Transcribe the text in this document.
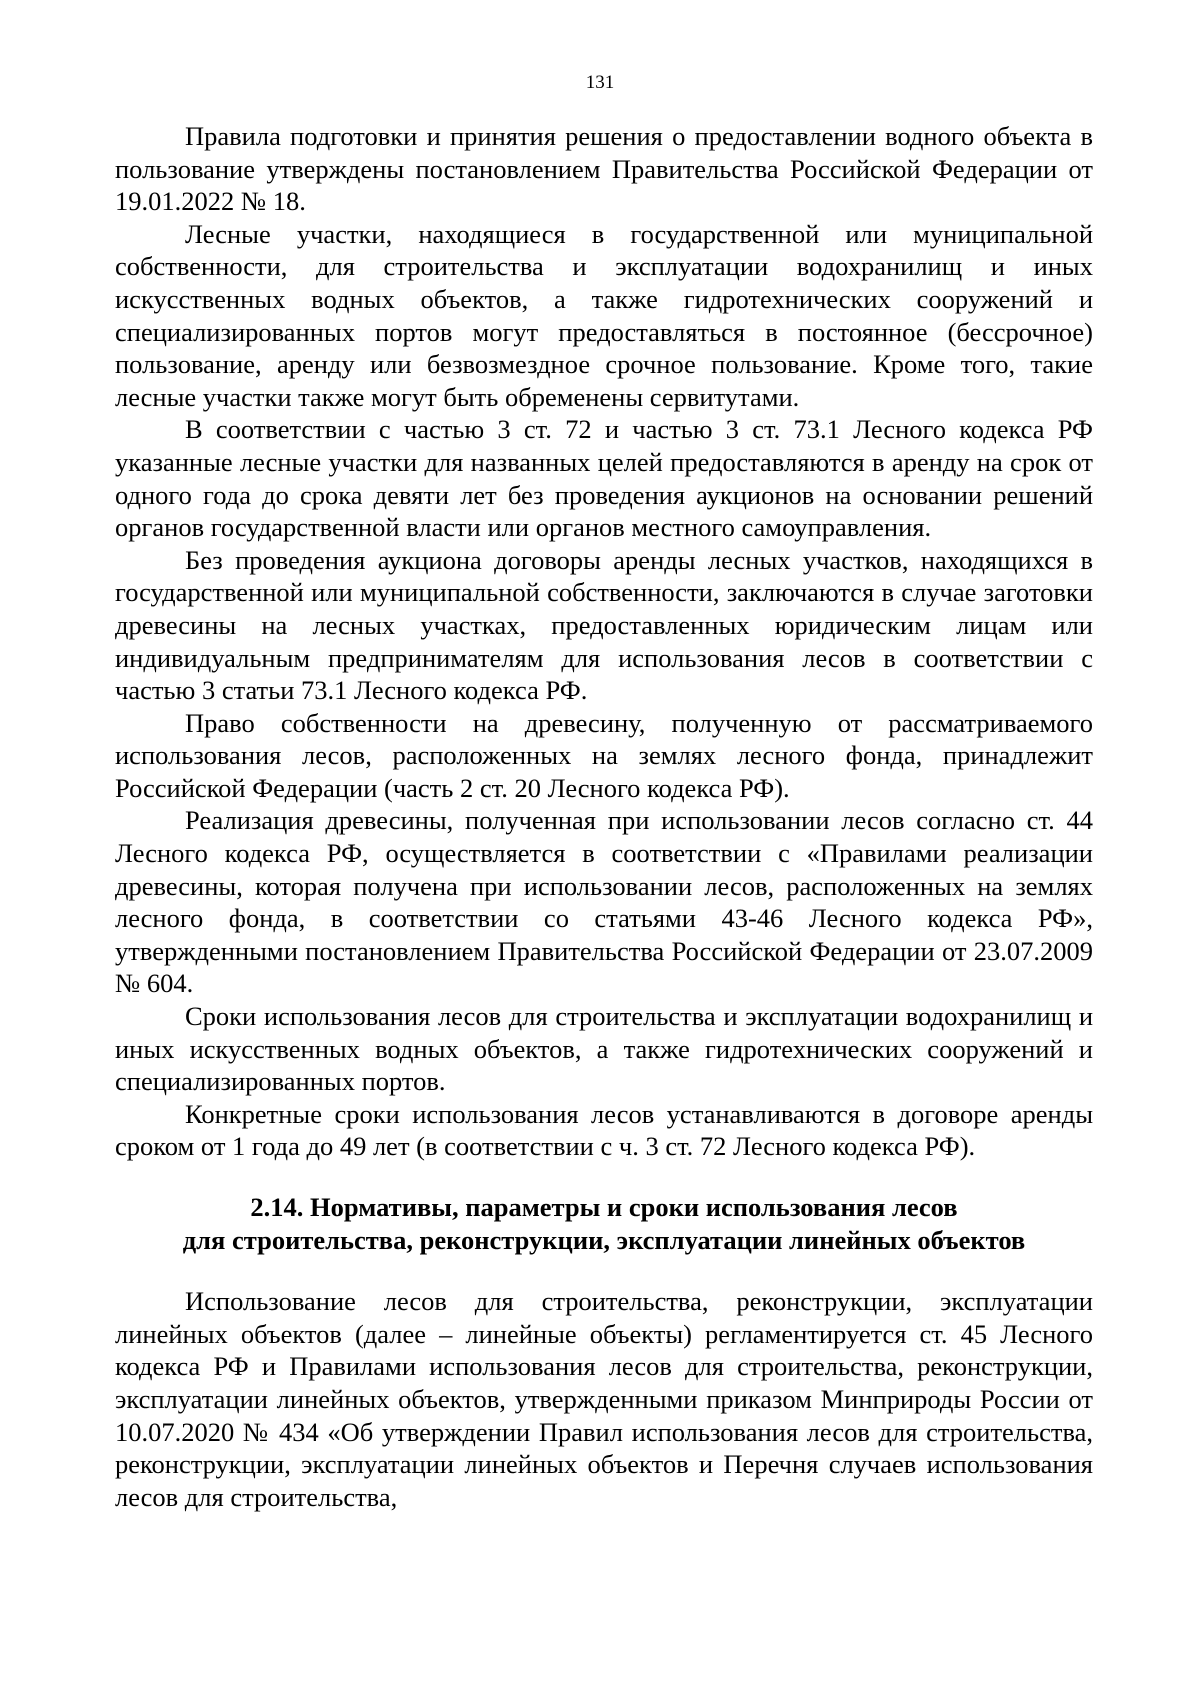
131

Правила подготовки и принятия решения о предоставлении водного объекта в пользование утверждены постановлением Правительства Российской Федерации от 19.01.2022 № 18.

Лесные участки, находящиеся в государственной или муниципальной собственности, для строительства и эксплуатации водохранилищ и иных искусственных водных объектов, а также гидротехнических сооружений и специализированных портов могут предоставляться в постоянное (бессрочное) пользование, аренду или безвозмездное срочное пользование. Кроме того, такие лесные участки также могут быть обременены сервитутами.

В соответствии с частью 3 ст. 72 и частью 3 ст. 73.1 Лесного кодекса РФ указанные лесные участки для названных целей предоставляются в аренду на срок от одного года до срока девяти лет без проведения аукционов на основании решений органов государственной власти или органов местного самоуправления.

Без проведения аукциона договоры аренды лесных участков, находящихся в государственной или муниципальной собственности, заключаются в случае заготовки древесины на лесных участках, предоставленных юридическим лицам или индивидуальным предпринимателям для использования лесов в соответствии с частью 3 статьи 73.1 Лесного кодекса РФ.

Право собственности на древесину, полученную от рассматриваемого использования лесов, расположенных на землях лесного фонда, принадлежит Российской Федерации (часть 2 ст. 20 Лесного кодекса РФ).

Реализация древесины, полученная при использовании лесов согласно ст. 44 Лесного кодекса РФ, осуществляется в соответствии с «Правилами реализации древесины, которая получена при использовании лесов, расположенных на землях лесного фонда, в соответствии со статьями 43-46 Лесного кодекса РФ», утвержденными постановлением Правительства Российской Федерации от 23.07.2009 № 604.

Сроки использования лесов для строительства и эксплуатации водохранилищ и иных искусственных водных объектов, а также гидротехнических сооружений и специализированных портов.

Конкретные сроки использования лесов устанавливаются в договоре аренды сроком от 1 года до 49 лет (в соответствии с ч. 3 ст. 72 Лесного кодекса РФ).

2.14. Нормативы, параметры и сроки использования лесов
для строительства, реконструкции, эксплуатации линейных объектов

Использование лесов для строительства, реконструкции, эксплуатации линейных объектов (далее – линейные объекты) регламентируется ст. 45 Лесного кодекса РФ и Правилами использования лесов для строительства, реконструкции, эксплуатации линейных объектов, утвержденными приказом Минприроды России от 10.07.2020 № 434 «Об утверждении Правил использования лесов для строительства, реконструкции, эксплуатации линейных объектов и Перечня случаев использования лесов для строительства,
